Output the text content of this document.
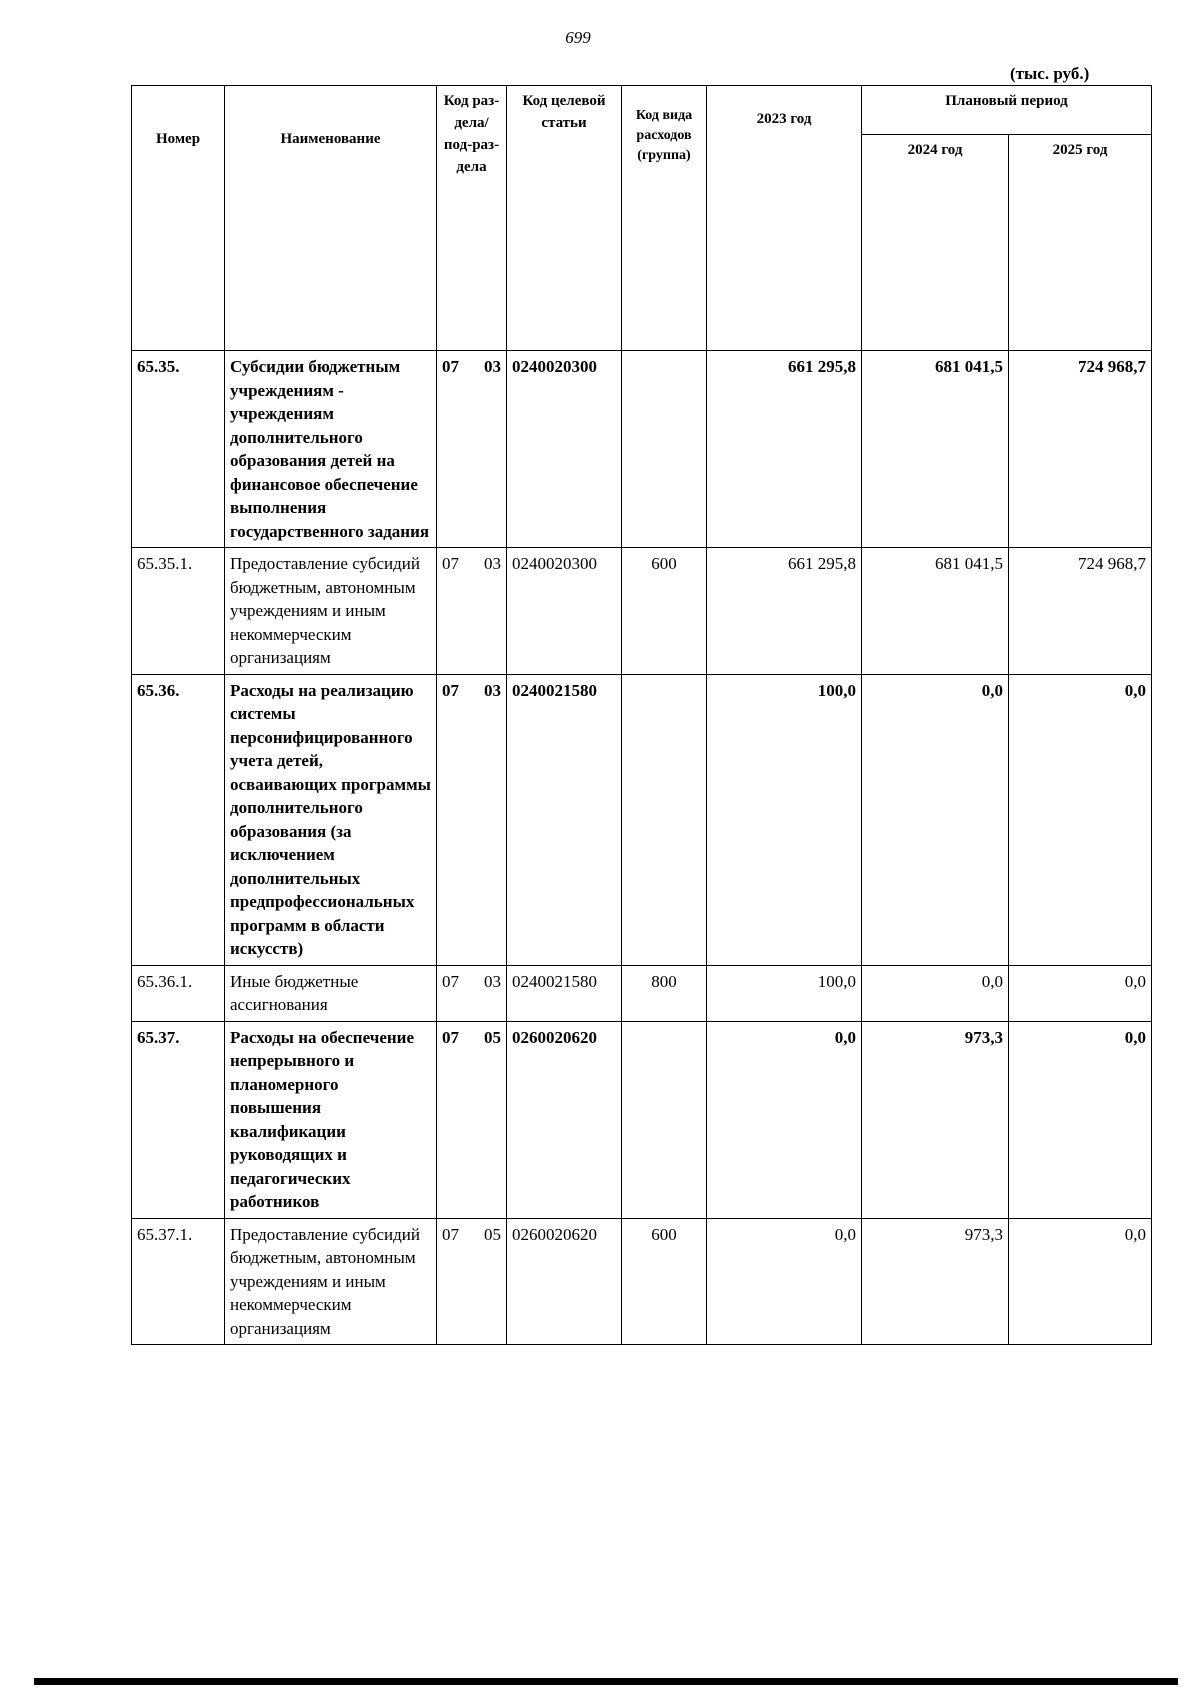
699
(тыс. руб.)
Номер	Наименование	Код раз-дела/ под-раз-дела	Код целевой статьи	Код вида расходов (группа)	2023 год	Плановый период	
						2024 год	2025 год
65.35.	Субсидии бюджетным учреждениям - учреждениям дополнительного образования детей на финансовое обеспечение выполнения государственного задания	07 03	0240020300		661 295,8	681 041,5	724 968,7
65.35.1.	Предоставление субсидий бюджетным, автономным учреждениям и иным некоммерческим организациям	07 03	0240020300	600	661 295,8	681 041,5	724 968,7
65.36.	Расходы на реализацию системы персонифицированного учета детей, осваивающих программы дополнительного образования (за исключением дополнительных предпрофессиональных программ в области искусств)	07 03	0240021580		100,0	0,0	0,0
65.36.1.	Иные бюджетные ассигнования	07 03	0240021580	800	100,0	0,0	0,0
65.37.	Расходы на обеспечение непрерывного и планомерного повышения квалификации руководящих и педагогических работников	07 05	0260020620		0,0	973,3	0,0
65.37.1.	Предоставление субсидий бюджетным, автономным учреждениям и иным некоммерческим организациям	07 05	0260020620	600	0,0	973,3	0,0
